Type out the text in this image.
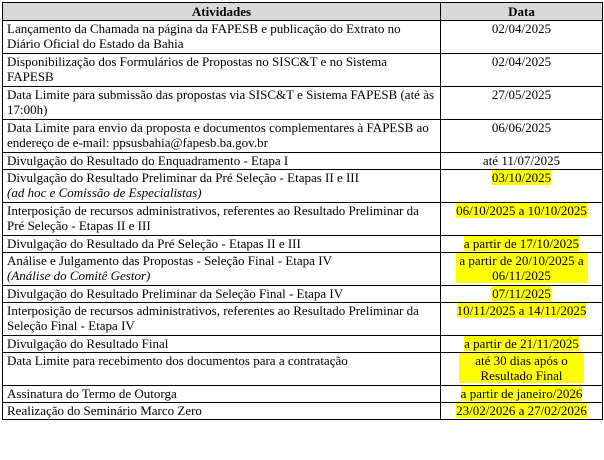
Atividades	Data
Lançamento da Chamada na página da FAPESB e publicação do Extrato no Diário Oficial do Estado da Bahia	02/04/2025
Disponibilização dos Formulários de Propostas no SISC&T e no Sistema FAPESB	02/04/2025
Data Limite para submissão das propostas via SISC&T e Sistema FAPESB (até às 17:00h)	27/05/2025
Data Limite para envio da proposta e documentos complementares à FAPESB ao endereço de e-mail: ppsusbahia@fapesb.ba.gov.br	06/06/2025
Divulgação do Resultado do Enquadramento - Etapa I	até 11/07/2025
Divulgação do Resultado Preliminar da Pré Seleção - Etapas II e III
(ad hoc e Comissão de Especialistas)	03/10/2025
Interposição de recursos administrativos, referentes ao Resultado Preliminar da Pré Seleção - Etapas II e III	06/10/2025 a 10/10/2025
Divulgação do Resultado da Pré Seleção - Etapas II e III	a partir de 17/10/2025
Análise e Julgamento das Propostas - Seleção Final - Etapa IV
(Análise do Comitê Gestor)	a partir de 20/10/2025 a 06/11/2025
Divulgação do Resultado Preliminar da Seleção Final - Etapa IV	07/11/2025
Interposição de recursos administrativos, referentes ao Resultado Preliminar da Seleção Final - Etapa IV	10/11/2025 a 14/11/2025
Divulgação do Resultado Final	a partir de 21/11/2025
Data Limite para recebimento dos documentos para a contratação	até 30 dias após o Resultado Final
Assinatura do Termo de Outorga	a partir de janeiro/2026
Realização do Seminário Marco Zero	23/02/2026 a 27/02/2026
